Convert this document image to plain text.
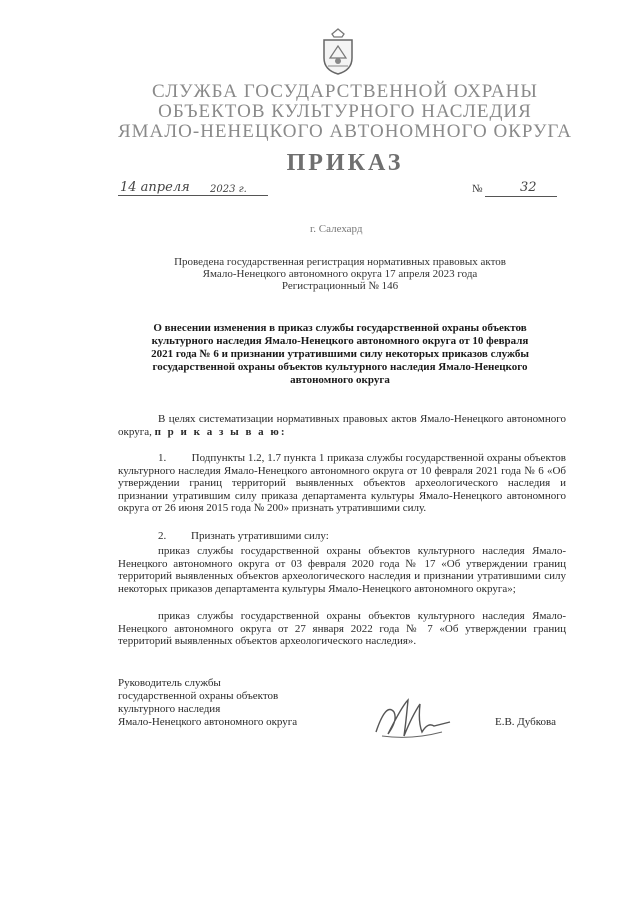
СЛУЖБА ГОСУДАРСТВЕННОЙ ОХРАНЫ
ОБЪЕКТОВ КУЛЬТУРНОГО НАСЛЕДИЯ
ЯМАЛО-НЕНЕЦКОГО АВТОНОМНОГО ОКРУГА
ПРИКАЗ
14 апреля 2023 г.	№	32
г. Салехард
Проведена государственная регистрация нормативных правовых актов
Ямало-Ненецкого автономного округа 17 апреля 2023 года
Регистрационный № 146
О внесении изменения в приказ службы государственной охраны объектов
культурного наследия Ямало-Ненецкого автономного округа от 10 февраля
2021 года № 6 и признании утратившими силу некоторых приказов службы
государственной охраны объектов культурного наследия Ямало-Ненецкого
автономного округа
В целях систематизации нормативных правовых актов Ямало-Ненецкого автономного округа, п р и к а з ы в а ю:
1. Подпункты 1.2, 1.7 пункта 1 приказа службы государственной охраны объектов культурного наследия Ямало-Ненецкого автономного округа от 10 февраля 2021 года № 6 «Об утверждении границ территорий выявленных объектов археологического наследия и признании утратившим силу приказа департамента культуры Ямало-Ненецкого автономного округа от 26 июня 2015 года № 200» признать утратившими силу.
2. Признать утратившими силу:
приказ службы государственной охраны объектов культурного наследия Ямало-Ненецкого автономного округа от 03 февраля 2020 года № 17 «Об утверждении границ территорий выявленных объектов археологического наследия и признании утратившими силу некоторых приказов департамента культуры Ямало-Ненецкого автономного округа»;
приказ службы государственной охраны объектов культурного наследия Ямало-Ненецкого автономного округа от 27 января 2022 года № 7 «Об утверждении границ территорий выявленных объектов археологического наследия».
Руководитель службы
государственной охраны объектов
культурного наследия
Ямало-Ненецкого автономного округа	Е.В. Дубкова
